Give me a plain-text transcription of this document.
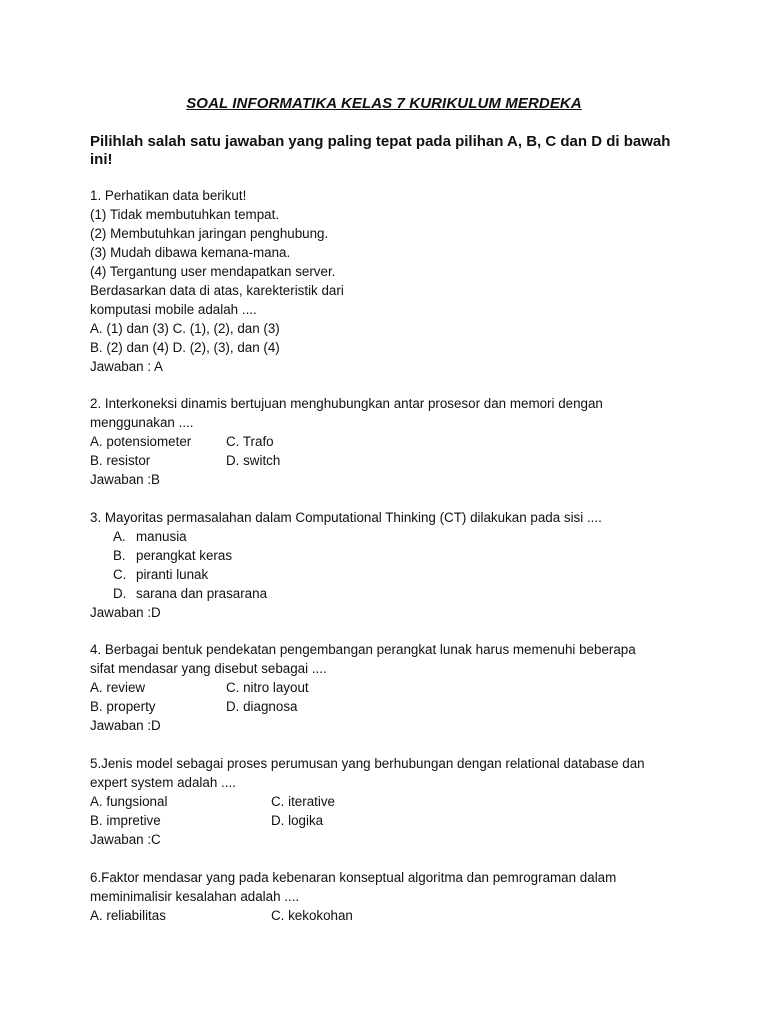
SOAL INFORMATIKA KELAS 7 KURIKULUM MERDEKA
Pilihlah salah satu jawaban yang paling tepat pada pilihan A, B, C dan D di bawah ini!
1. Perhatikan data berikut!
(1) Tidak membutuhkan tempat.
(2) Membutuhkan jaringan penghubung.
(3) Mudah dibawa kemana-mana.
(4) Tergantung user mendapatkan server.
Berdasarkan data di atas, karekteristik dari
komputasi mobile adalah ....
A. (1) dan (3) C. (1), (2), dan (3)
B. (2) dan (4) D. (2), (3), dan (4)
Jawaban : A
2. Interkoneksi dinamis bertujuan menghubungkan antar prosesor dan memori dengan
menggunakan ....
A. potensiometer	C. Trafo
B. resistor	D. switch
Jawaban :B
3. Mayoritas permasalahan dalam Computational Thinking (CT) dilakukan pada sisi ....
A. manusia
B. perangkat keras
C. piranti lunak
D. sarana dan prasarana
Jawaban :D
4. Berbagai bentuk pendekatan pengembangan perangkat lunak harus memenuhi beberapa
sifat mendasar yang disebut sebagai ....
A. review	C. nitro layout
B. property	D. diagnosa
Jawaban :D
5.Jenis model sebagai proses perumusan yang berhubungan dengan relational database dan
expert system adalah ....
A. fungsional	C. iterative
B. impretive	D. logika
Jawaban :C
6.Faktor mendasar yang pada kebenaran konseptual algoritma dan pemrograman dalam
meminimalisir kesalahan adalah ....
A. reliabilitas	C. kekokohan
